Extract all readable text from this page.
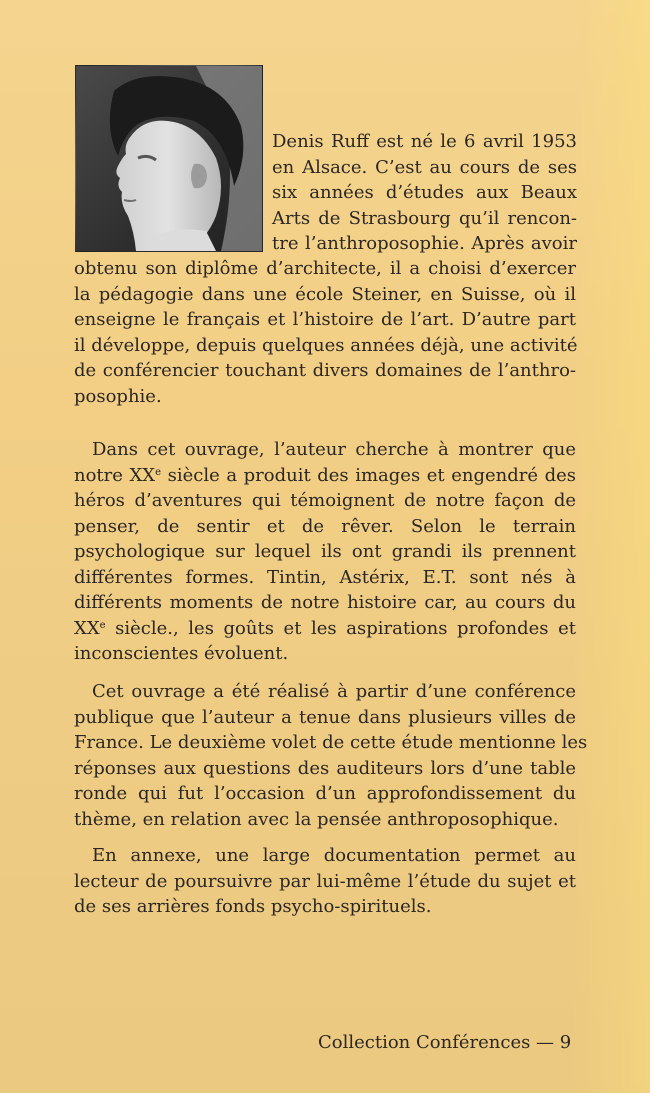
Denis Ruff est né le 6 avril 1953
en Alsace. C’est au cours de ses
six années d’études aux Beaux
Arts de Strasbourg qu’il rencon-
tre l’anthroposophie. Après avoir
obtenu son diplôme d’architecte, il a choisi d’exercer
la pédagogie dans une école Steiner, en Suisse, où il
enseigne le français et l’histoire de l’art. D’autre part
il développe, depuis quelques années déjà, une activité
de conférencier touchant divers domaines de l’anthro-
posophie.
Dans cet ouvrage, l’auteur cherche à montrer que
notre XXe siècle a produit des images et engendré des
héros d’aventures qui témoignent de notre façon de
penser, de sentir et de rêver. Selon le terrain
psychologique sur lequel ils ont grandi ils prennent
différentes formes. Tintin, Astérix, E.T. sont nés à
différents moments de notre histoire car, au cours du
XXe siècle., les goûts et les aspirations profondes et
inconscientes évoluent.
Cet ouvrage a été réalisé à partir d’une conférence
publique que l’auteur a tenue dans plusieurs villes de
France. Le deuxième volet de cette étude mentionne les
réponses aux questions des auditeurs lors d’une table
ronde qui fut l’occasion d’un approfondissement du
thème, en relation avec la pensée anthroposophique.
En annexe, une large documentation permet au
lecteur de poursuivre par lui-même l’étude du sujet et
de ses arrières fonds psycho-spirituels.
Collection Conférences — 9
